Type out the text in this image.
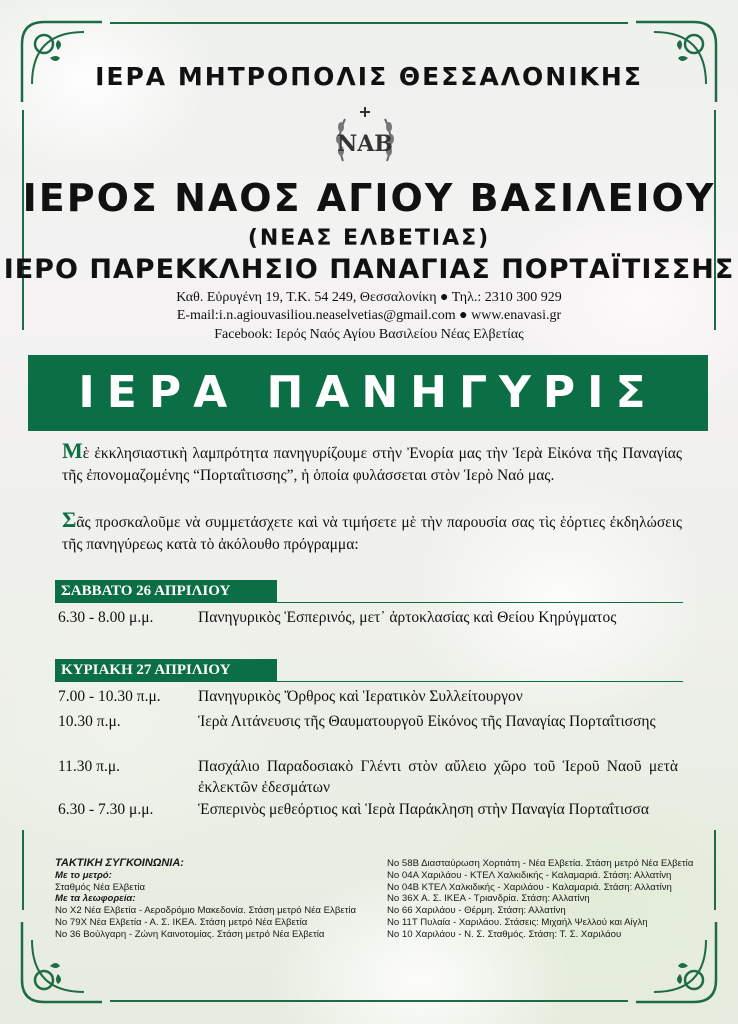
ΙΕΡΑ ΜΗΤΡΟΠΟΛΙΣ ΘΕΣΣΑΛΟΝΙΚΗΣ
ΝΑΒ
ΙΕΡΟΣ ΝΑΟΣ ΑΓΙΟΥ ΒΑΣΙΛΕΙΟΥ
(ΝΕΑΣ ΕΛΒΕΤΙΑΣ)
ΙΕΡΟ ΠΑΡΕΚΚΛΗΣΙΟ ΠΑΝΑΓΙΑΣ ΠΟΡΤΑΪΤΙΣΣΗΣ
Καθ. Εὐρυγένη 19, Τ.Κ. 54 249, Θεσσαλονίκη ● Τηλ.: 2310 300 929
E-mail:i.n.agiouvasiliou.neaselvetias@gmail.com ● www.enavasi.gr
Facebook: Ιερός Ναός Αγίου Βασιλείου Νέας Ελβετίας
ΙΕΡΑ ΠΑΝΗΓΥΡΙΣ
Μὲ ἐκκλησιαστικὴ λαμπρότητα πανηγυρίζουμε στὴν Ἐνορία μας τὴν Ἱερὰ Εἰκόνα τῆς Παναγίας τῆς ἐπονομαζομένης “Πορταΐτισσης”, ἡ ὁποία φυλάσσεται στὸν Ἱερὸ Ναό μας.
Σᾶς προσκαλοῦμε νὰ συμμετάσχετε καὶ νὰ τιμήσετε μὲ τὴν παρουσία σας τὶς ἑόρτιες ἐκδηλώσεις τῆς πανηγύρεως κατὰ τὸ ἀκόλουθο πρόγραμμα:
ΣΑΒΒΑΤΟ 26 ΑΠΡΙΛΙΟΥ
6.30 - 8.00 μ.μ.	Πανηγυρικὸς Ἑσπερινός, μετ᾽ ἀρτοκλασίας καὶ Θείου Κηρύγματος
ΚΥΡΙΑΚΗ 27 ΑΠΡΙΛΙΟΥ
7.00 - 10.30 π.μ.	Πανηγυρικὸς Ὄρθρος καὶ Ἱερατικὸν Συλλείτουργον
10.30 π.μ.	Ἱερὰ Λιτάνευσις τῆς Θαυματουργοῦ Εἰκόνος τῆς Παναγίας Πορταΐτισσης
11.30 π.μ.	Πασχάλιο Παραδοσιακὸ Γλέντι στὸν αὔλειο χῶρο τοῦ Ἱεροῦ Ναοῦ μετὰ ἐκλεκτῶν ἐδεσμάτων
6.30 - 7.30 μ.μ.	Ἑσπερινὸς μεθεόρτιος καὶ Ἱερὰ Παράκληση στὴν Παναγία Πορταΐτισσα
ΤΑΚΤΙΚΗ ΣΥΓΚΟΙΝΩΝΙΑ:
Με το μετρό:
Σταθμός Νέα Ελβετία
Με τα λεωφορεία:
Νο Χ2 Νέα Ελβετία - Αεροδρόμιο Μακεδονία. Στάση μετρό Νέα Ελβετία
Νο 79Χ Νέα Ελβετία - Α. Σ. ΙΚΕΑ. Στάση μετρό Νέα Ελβετία
Νο 36 Βούλγαρη - Ζώνη Καινοτομίας. Στάση μετρό Νέα Ελβετία
Νο 58Β Διασταύρωση Χορτιάτη - Νέα Ελβετία. Στάση μετρό Νέα Ελβετία
Νο 04Α Χαριλάου - ΚΤΕΛ Χαλκιδικής - Καλαμαριά. Στάση: Αλλατίνη
Νο 04Β ΚΤΕΛ Χαλκιδικής - Χαριλάου - Καλαμαριά. Στάση: Αλλατίνη
Νο 36Χ Α. Σ. ΙΚΕΑ - Τριανδρία. Στάση: Αλλατίνη
Νο 66 Χαριλάου - Θέρμη. Στάση: Αλλατίνη
Νο 11Τ Πυλαία - Χαριλάου. Στάσεις: Μιχαήλ Ψελλού και Αίγλη
Νο 10 Χαριλάου - Ν. Σ. Σταθμός. Στάση: Τ. Σ. Χαριλάου
